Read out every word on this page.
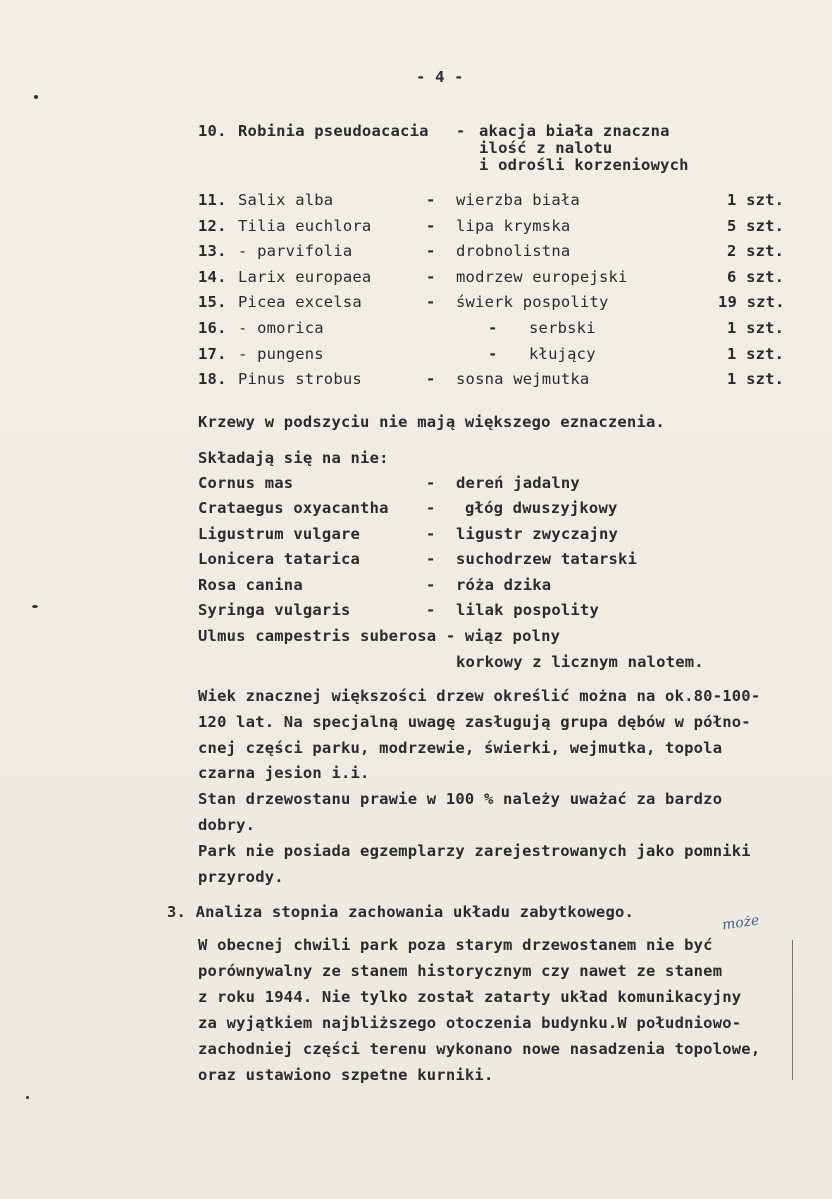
- 4 -
10. Robinia pseudoacacia - akacja biała znaczna
ilość z nalotu
i odrośli korzeniowych
11. Salix alba	- wierzba biała	1 szt.
12. Tilia euchlora	- lipa krymska	5 szt.
13. - parvifolia	- drobnolistna	2 szt.
14. Larix europaea	- modrzew europejski	6 szt.
15. Picea excelsa	- świerk pospolity	19 szt.
16. - omorica	- serbski	1 szt.
17. - pungens	- kłujący	1 szt.
18. Pinus strobus	- sosna wejmutka	1 szt.
Krzewy w podszyciu nie mają większego eznaczenia.
Składają się na nie:
Cornus mas	- dereń jadalny
Crataegus oxyacantha - głóg dwuszyjkowy
Ligustrum vulgare	- ligustr zwyczajny
Lonicera tatarica	- suchodrzew tatarski
Rosa canina	- róża dzika
Syringa vulgaris	- lilak pospolity
Ulmus campestris suberosa - wiąz polny
korkowy z licznym nalotem.
Wiek znacznej większości drzew określić można na ok.80-100-
120 lat. Na specjalną uwagę zasługują grupa dębów w półno-
cnej części parku, modrzewie, świerki, wejmutka, topola
czarna jesion i.i.
Stan drzewostanu prawie w 100 % należy uważać za bardzo
dobry.
Park nie posiada egzemplarzy zarejestrowanych jako pomniki
przyrody.
3. Analiza stopnia zachowania układu zabytkowego.
może
W obecnej chwili park poza starym drzewostanem nie być
porównywalny ze stanem historycznym czy nawet ze stanem
z roku 1944. Nie tylko został zatarty układ komunikacyjny
za wyjątkiem najbliższego otoczenia budynku.W południowo-
zachodniej części terenu wykonano nowe nasadzenia topolowe,
oraz ustawiono szpetne kurniki.
